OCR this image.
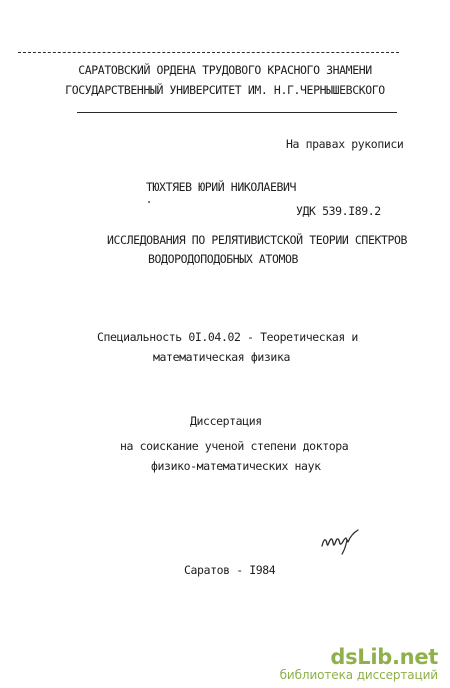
САРАТОВСКИЙ ОРДЕНА ТРУДОВОГО КРАСНОГО ЗНАМЕНИ
ГОСУДАРСТВЕННЫЙ УНИВЕРСИТЕТ ИМ. Н.Г.ЧЕРНЫШЕВСКОГО
На правах рукописи
ТЮХТЯЕВ ЮРИЙ НИКОЛАЕВИЧ
УДК 539.I89.2
ИССЛЕДОВАНИЯ ПО РЕЛЯТИВИСТСКОЙ ТЕОРИИ СПЕКТРОВ
ВОДОРОДОПОДОБНЫХ АТОМОВ
Специальность 0I.04.02 - Теоретическая и
математическая физика
Диссертация
на соискание ученой степени доктора
физико-математических наук
Саратов - I984
dsLib.net
библиотека диссертаций
